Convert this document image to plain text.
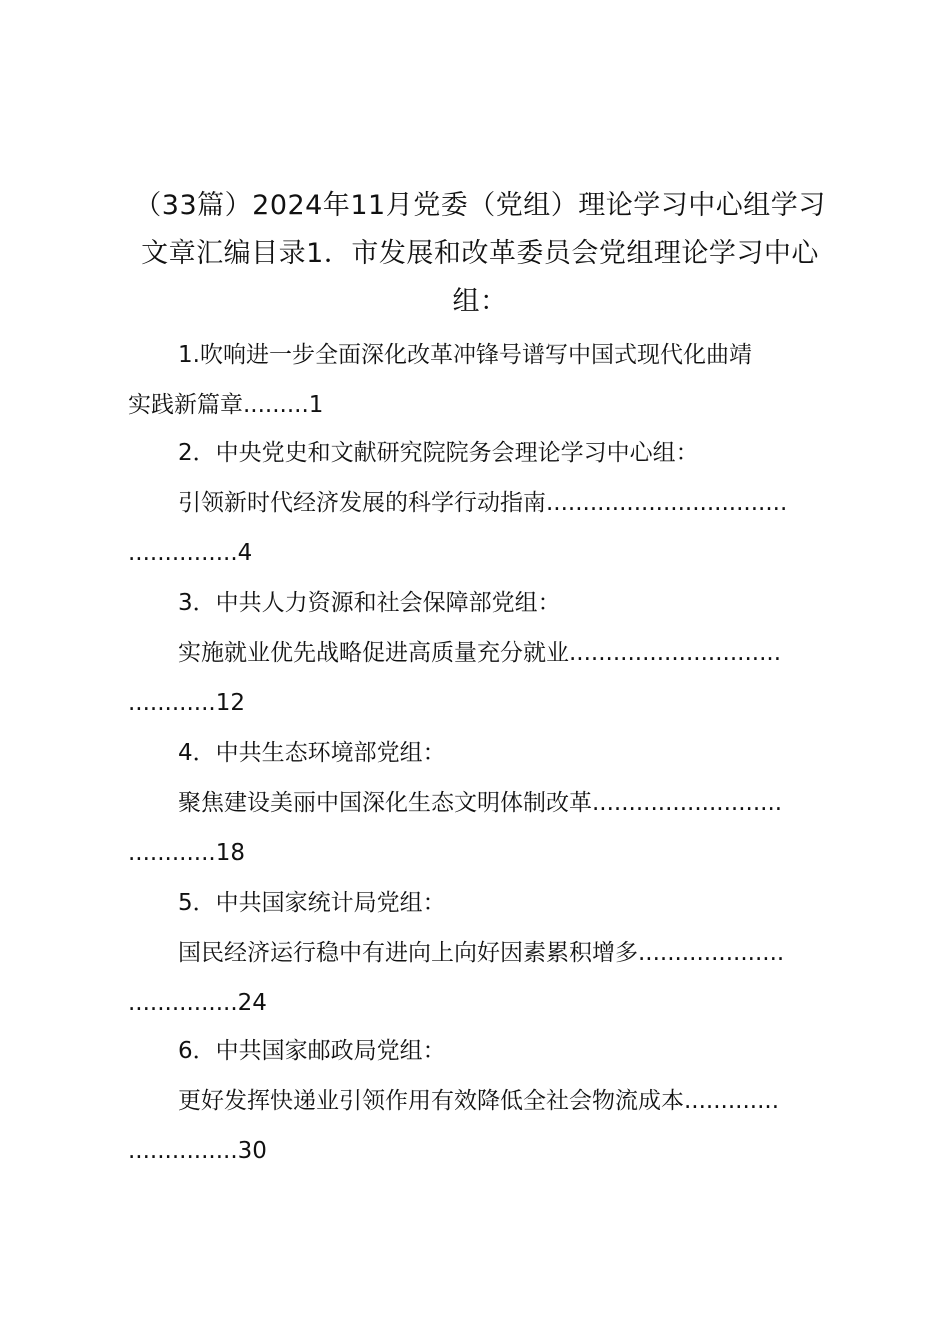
（33篇）2024年11月党委（党组）理论学习中心组学习文章汇编目录1．市发展和改革委员会党组理论学习中心组：

1.吹响进一步全面深化改革冲锋号谱写中国式现代化曲靖

实践新篇章.........1

2．中央党史和文献研究院院务会理论学习中心组：

引领新时代经济发展的科学行动指南.................................

...............4

3．中共人力资源和社会保障部党组：

实施就业优先战略促进高质量充分就业.............................

............12

4．中共生态环境部党组：

聚焦建设美丽中国深化生态文明体制改革..........................

............18

5．中共国家统计局党组：

国民经济运行稳中有进向上向好因素累积增多....................

...............24

6．中共国家邮政局党组：

更好发挥快递业引领作用有效降低全社会物流成本.............

...............30
